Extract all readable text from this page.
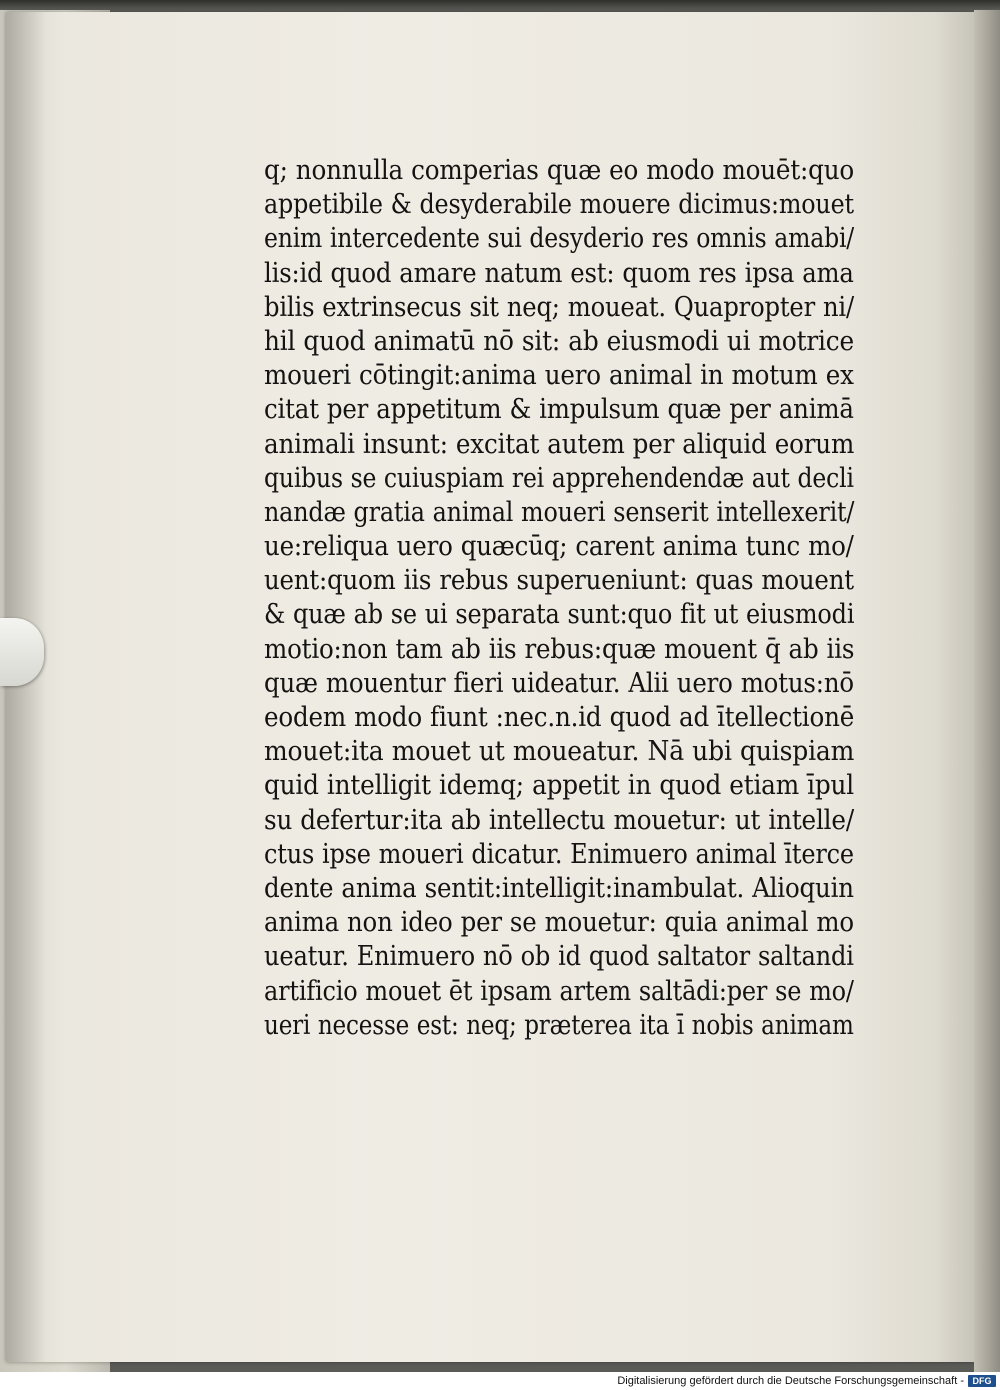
q; nonnulla comperias quæ eo modo mouēt:quo
appetibile & desyderabile mouere dicimus:mouet
enim intercedente sui desyderio res omnis amabi/
lis:id quod amare natum est: quom res ipsa ama
bilis extrinsecus sit neq; moueat. Quapropter ni/
hil quod animatū nō sit: ab eiusmodi ui motrice
moueri cōtingit:anima uero animal in motum ex
citat per appetitum & impulsum quæ per animā
animali insunt: excitat autem per aliquid eorum
quibus se cuiuspiam rei apprehendendæ aut decli
nandæ gratia animal moueri senserit intellexerit/
ue:reliqua uero quæcūq; carent anima tunc mo/
uent:quom iis rebus superueniunt: quas mouent
& quæ ab se ui separata sunt:quo fit ut eiusmodi
motio:non tam ab iis rebus:quæ mouent q̄ ab iis
quæ mouentur fieri uideatur. Alii uero motus:nō
eodem modo fiunt :nec.n.id quod ad ītellectionē
mouet:ita mouet ut moueatur. Nā ubi quispiam
quid intelligit idemq; appetit in quod etiam īpul
su defertur:ita ab intellectu mouetur: ut intelle/
ctus ipse moueri dicatur. Enimuero animal īterce
dente anima sentit:intelligit:inambulat. Alioquin
anima non ideo per se mouetur: quia animal mo
ueatur. Enimuero nō ob id quod saltator saltandi
artificio mouet ēt ipsam artem saltādi:per se mo/
ueri necesse est: neq; præterea ita ī nobis animam
Digitalisierung gefördert durch die Deutsche Forschungsgemeinschaft - DFG
